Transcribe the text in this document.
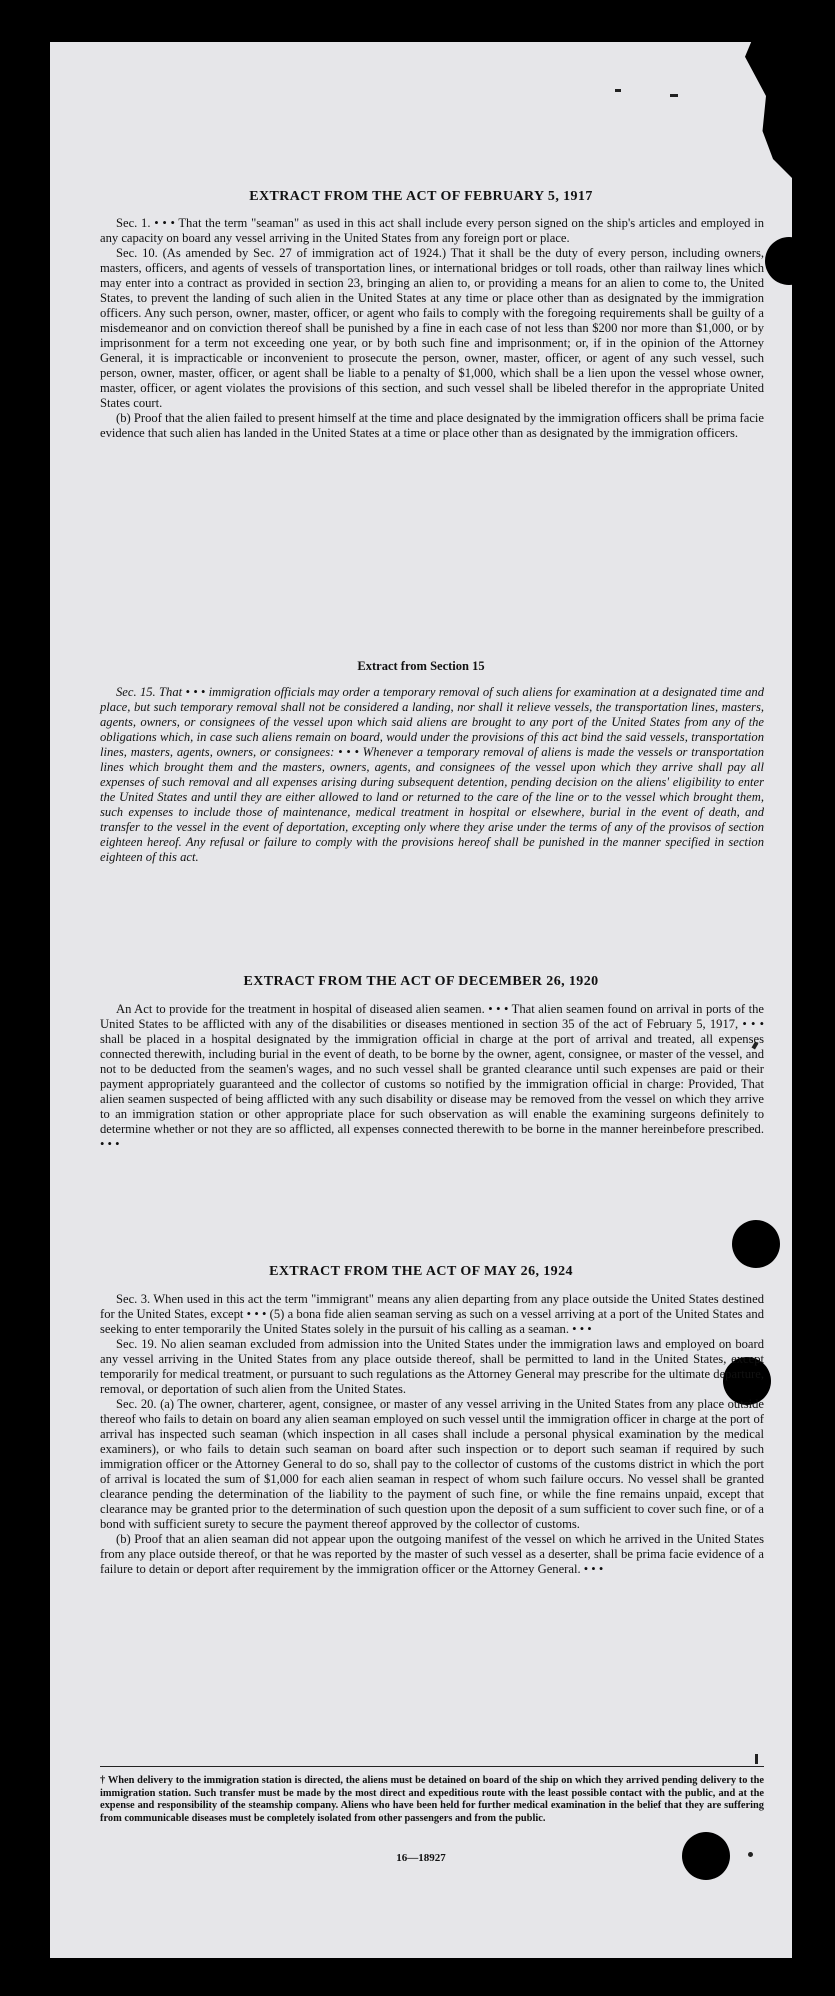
EXTRACT FROM THE ACT OF FEBRUARY 5, 1917

Sec. 1. • • • That the term "seaman" as used in this act shall include every person signed on the ship's articles and employed in any capacity on board any vessel arriving in the United States from any foreign port or place.

Sec. 10. (As amended by Sec. 27 of immigration act of 1924.) That it shall be the duty of every person, including owners, masters, officers, and agents of vessels of transportation lines, or international bridges or toll roads, other than railway lines which may enter into a contract as provided in section 23, bringing an alien to, or providing a means for an alien to come to, the United States, to prevent the landing of such alien in the United States at any time or place other than as designated by the immigration officers. Any such person, owner, master, officer, or agent who fails to comply with the foregoing requirements shall be guilty of a misdemeanor and on conviction thereof shall be punished by a fine in each case of not less than $200 nor more than $1,000, or by imprisonment for a term not exceeding one year, or by both such fine and imprisonment; or, if in the opinion of the Attorney General, it is impracticable or inconvenient to prosecute the person, owner, master, officer, or agent of any such vessel, such person, owner, master, officer, or agent shall be liable to a penalty of $1,000, which shall be a lien upon the vessel whose owner, master, officer, or agent violates the provisions of this section, and such vessel shall be libeled therefor in the appropriate United States court.

(b) Proof that the alien failed to present himself at the time and place designated by the immigration officers shall be prima facie evidence that such alien has landed in the United States at a time or place other than as designated by the immigration officers.

Extract from Section 15

Sec. 15. That • • • immigration officials may order a temporary removal of such aliens for examination at a designated time and place, but such temporary removal shall not be considered a landing, nor shall it relieve vessels, the transportation lines, masters, agents, owners, or consignees of the vessel upon which said aliens are brought to any port of the United States from any of the obligations which, in case such aliens remain on board, would under the provisions of this act bind the said vessels, transportation lines, masters, agents, owners, or consignees: • • • Whenever a temporary removal of aliens is made the vessels or transportation lines which brought them and the masters, owners, agents, and consignees of the vessel upon which they arrive shall pay all expenses of such removal and all expenses arising during subsequent detention, pending decision on the aliens' eligibility to enter the United States and until they are either allowed to land or returned to the care of the line or to the vessel which brought them, such expenses to include those of maintenance, medical treatment in hospital or elsewhere, burial in the event of death, and transfer to the vessel in the event of deportation, excepting only where they arise under the terms of any of the provisos of section eighteen hereof. Any refusal or failure to comply with the provisions hereof shall be punished in the manner specified in section eighteen of this act.

EXTRACT FROM THE ACT OF DECEMBER 26, 1920

An Act to provide for the treatment in hospital of diseased alien seamen. • • • That alien seamen found on arrival in ports of the United States to be afflicted with any of the disabilities or diseases mentioned in section 35 of the act of February 5, 1917, • • • shall be placed in a hospital designated by the immigration official in charge at the port of arrival and treated, all expenses connected therewith, including burial in the event of death, to be borne by the owner, agent, consignee, or master of the vessel, and not to be deducted from the seamen's wages, and no such vessel shall be granted clearance until such expenses are paid or their payment appropriately guaranteed and the collector of customs so notified by the immigration official in charge: Provided, That alien seamen suspected of being afflicted with any such disability or disease may be removed from the vessel on which they arrive to an immigration station or other appropriate place for such observation as will enable the examining surgeons definitely to determine whether or not they are so afflicted, all expenses connected therewith to be borne in the manner hereinbefore prescribed. • • •

EXTRACT FROM THE ACT OF MAY 26, 1924

Sec. 3. When used in this act the term "immigrant" means any alien departing from any place outside the United States destined for the United States, except • • • (5) a bona fide alien seaman serving as such on a vessel arriving at a port of the United States and seeking to enter temporarily the United States solely in the pursuit of his calling as a seaman. • • •

Sec. 19. No alien seaman excluded from admission into the United States under the immigration laws and employed on board any vessel arriving in the United States from any place outside thereof, shall be permitted to land in the United States, except temporarily for medical treatment, or pursuant to such regulations as the Attorney General may prescribe for the ultimate departure, removal, or deportation of such alien from the United States.

Sec. 20. (a) The owner, charterer, agent, consignee, or master of any vessel arriving in the United States from any place outside thereof who fails to detain on board any alien seaman employed on such vessel until the immigration officer in charge at the port of arrival has inspected such seaman (which inspection in all cases shall include a personal physical examination by the medical examiners), or who fails to detain such seaman on board after such inspection or to deport such seaman if required by such immigration officer or the Attorney General to do so, shall pay to the collector of customs of the customs district in which the port of arrival is located the sum of $1,000 for each alien seaman in respect of whom such failure occurs. No vessel shall be granted clearance pending the determination of the liability to the payment of such fine, or while the fine remains unpaid, except that clearance may be granted prior to the determination of such question upon the deposit of a sum sufficient to cover such fine, or of a bond with sufficient surety to secure the payment thereof approved by the collector of customs.

(b) Proof that an alien seaman did not appear upon the outgoing manifest of the vessel on which he arrived in the United States from any place outside thereof, or that he was reported by the master of such vessel as a deserter, shall be prima facie evidence of a failure to detain or deport after requirement by the immigration officer or the Attorney General. • • •

† When delivery to the immigration station is directed, the aliens must be detained on board of the ship on which they arrived pending delivery to the immigration station. Such transfer must be made by the most direct and expeditious route with the least possible contact with the public, and at the expense and responsibility of the steamship company. Aliens who have been held for further medical examination in the belief that they are suffering from communicable diseases must be completely isolated from other passengers and from the public.
16—18927
